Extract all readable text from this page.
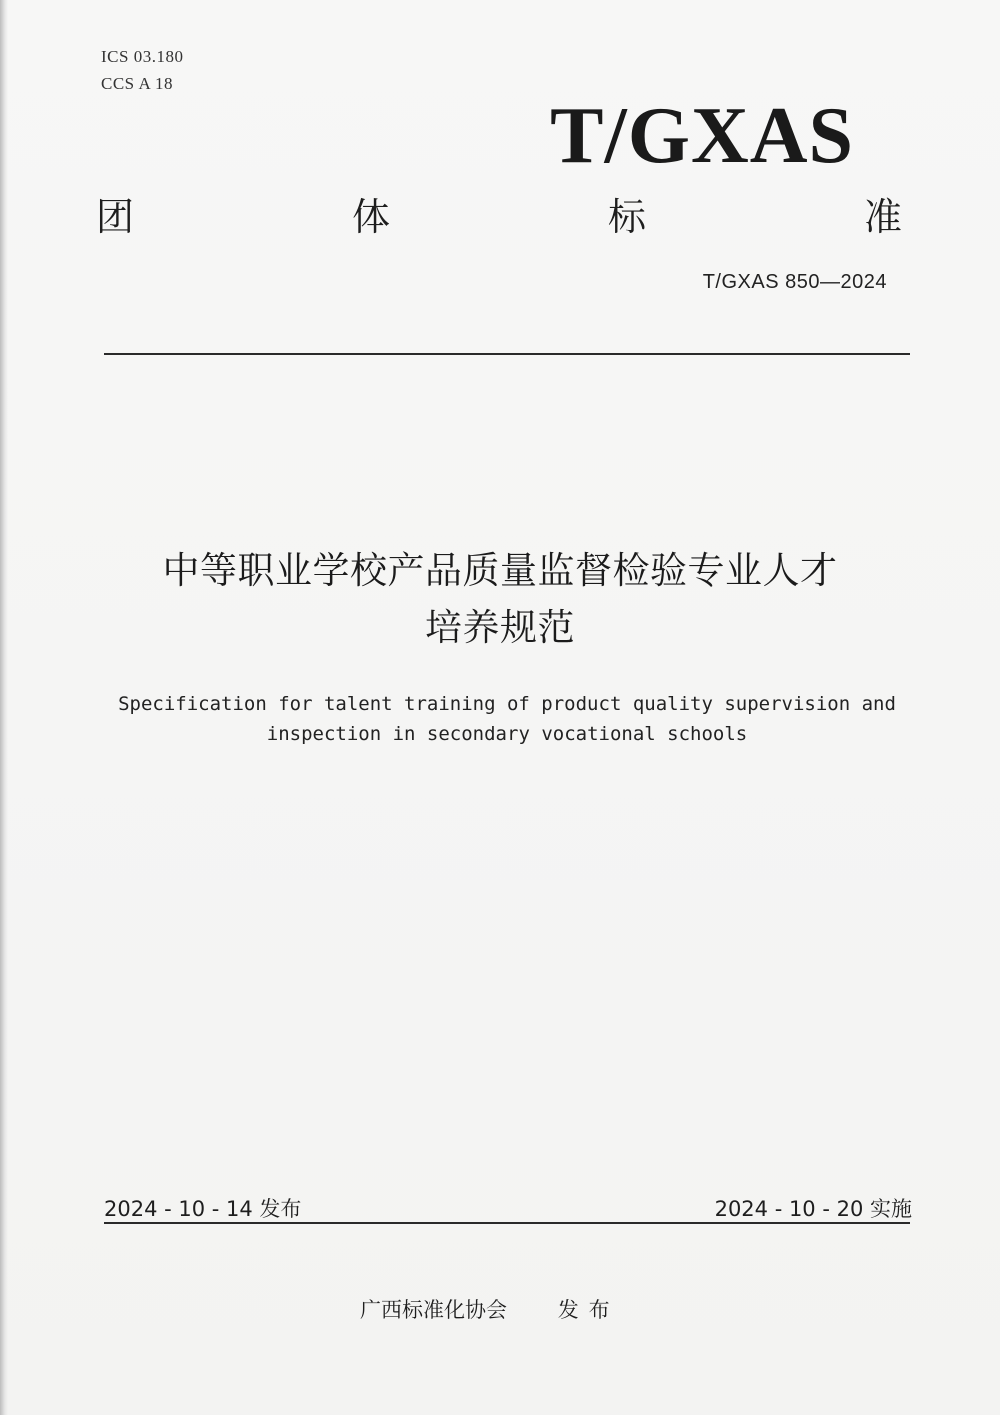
ICS 03.180
CCS A 18
T/GXAS
团	体	标	准
T/GXAS 850—2024
中等职业学校产品质量监督检验专业人才
培养规范
Specification for talent training of product quality supervision and
inspection in secondary vocational schools
2024 - 10 - 14 发布	2024 - 10 - 20 实施
广西标准化协会 发布
